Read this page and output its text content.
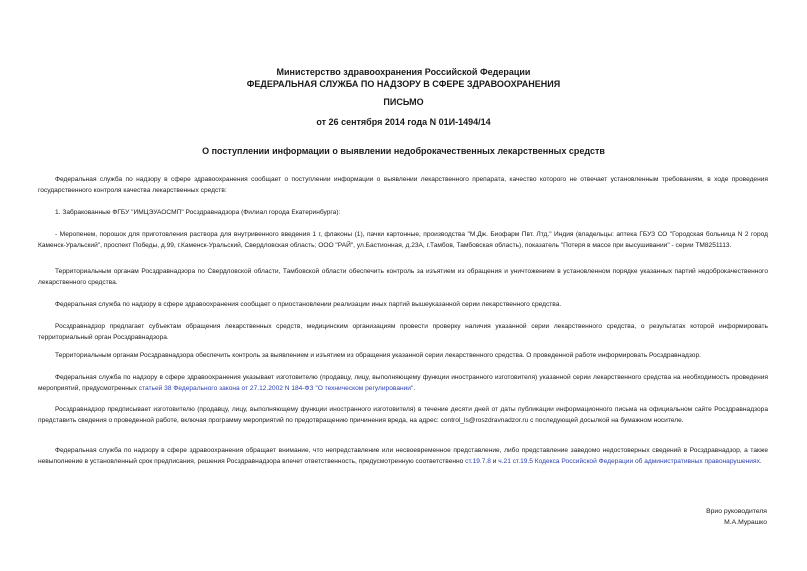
Министерство здравоохранения Российской Федерации
ФЕДЕРАЛЬНАЯ СЛУЖБА ПО НАДЗОРУ В СФЕРЕ ЗДРАВООХРАНЕНИЯ
ПИСЬМО
от 26 сентября 2014 года N 01И-1494/14
О поступлении информации о выявлении недоброкачественных лекарственных средств
Федеральная служба по надзору в сфере здравоохранения сообщает о поступлении информации о выявлении лекарственного препарата, качество которого не отвечает установленным требованиям, в ходе проведения государственного контроля качества лекарственных средств:
1. Забракованные ФГБУ "ИМЦЭУАОСМП" Росздравнадзора (Филиал города Екатеринбурга):
- Меропенем, порошок для приготовления раствора для внутривенного введения 1 г, флаконы (1), пачки картонные, производства "М.Дж. Биофарм Пвт. Лтд." Индия (владельцы: аптека ГБУЗ СО "Городская больница N 2 город Каменск-Уральский", проспект Победы, д.99, г.Каменск-Уральский, Свердловская область; ООО "РАЙ", ул.Бастионная, д.23А, г.Тамбов, Тамбовская область), показатель "Потеря в массе при высушивании" - серии ТМ8251113.
Территориальным органам Росздравнадзора по Свердловской области, Тамбовской области обеспечить контроль за изъятием из обращения и уничтожением в установленном порядке указанных партий недоброкачественного лекарственного средства.
Федеральная служба по надзору в сфере здравоохранения сообщает о приостановлении реализации иных партий вышеуказанной серии лекарственного средства.
Росздравнадзор предлагает субъектам обращения лекарственных средств, медицинским организациям провести проверку наличия указанной серии лекарственного средства, о результатах которой информировать территориальный орган Росздравнадзора.
Территориальным органам Росздравнадзора обеспечить контроль за выявлением и изъятием из обращения указанной серии лекарственного средства. О проведенной работе информировать Росздравнадзор.
Федеральная служба по надзору в сфере здравоохранения указывает изготовителю (продавцу, лицу, выполняющему функции иностранного изготовителя) указанной серии лекарственного средства на необходимость проведения мероприятий, предусмотренных статьей 38 Федерального закона от 27.12.2002 N 184-ФЗ "О техническом регулировании".
Росздравнадзор предписывает изготовителю (продавцу, лицу, выполняющему функции иностранного изготовителя) в течение десяти дней от даты публикации информационного письма на официальном сайте Росздравнадзора представить сведения о проведенной работе, включая программу мероприятий по предотвращению причинения вреда, на адрес: control_ls@roszdravnadzor.ru с последующей досылкой на бумажном носителе.
Федеральная служба по надзору в сфере здравоохранения обращает внимание, что непредставление или несвоевременное представление, либо представление заведомо недостоверных сведений в Росздравнадзор, а также невыполнение в установленный срок предписания, решения Росздравнадзора влечет ответственность, предусмотренную соответственно ст.19.7.8 и ч.21 ст.19.5 Кодекса Российской Федерации об административных правонарушениях.
Врио руководителя
М.А.Мурашко
